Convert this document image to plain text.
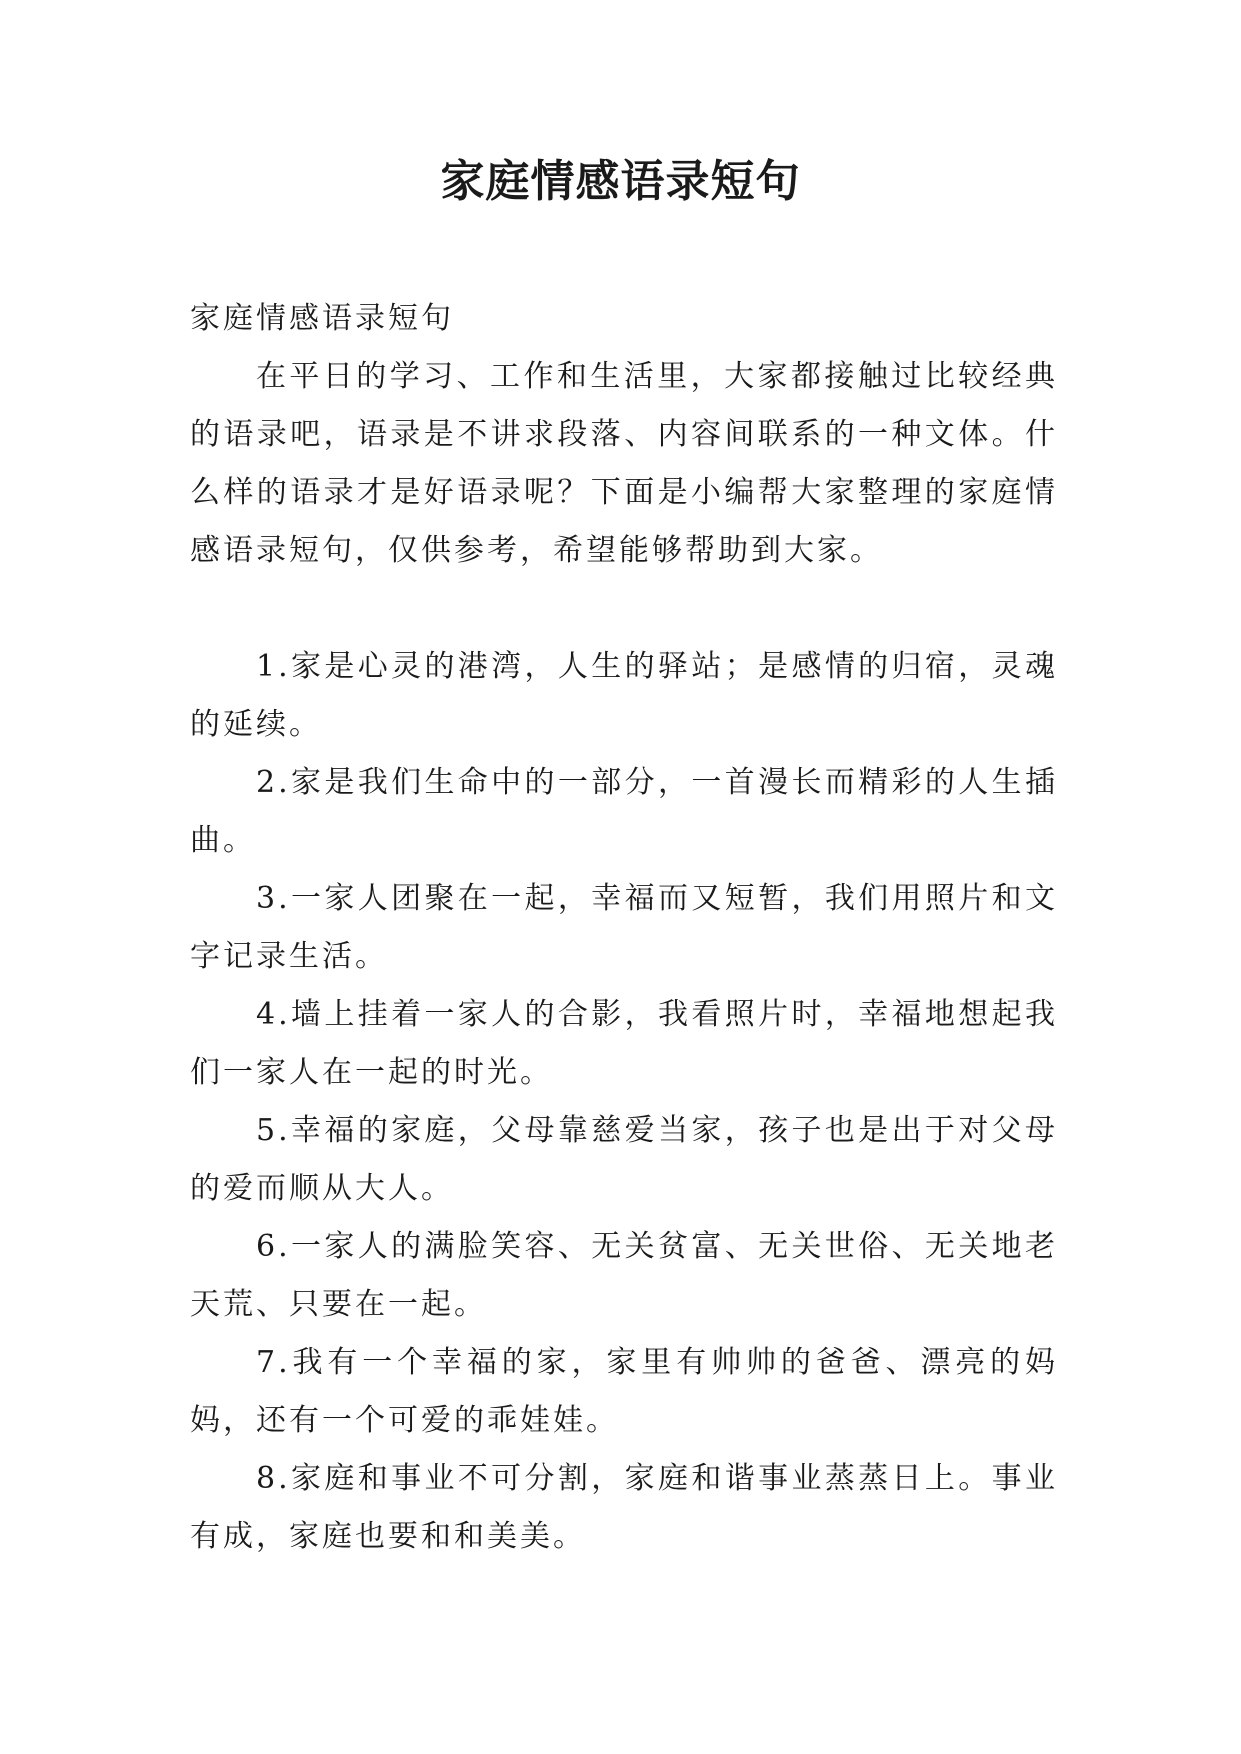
家庭情感语录短句

家庭情感语录短句

在平日的学习、工作和生活里，大家都接触过比较经典的语录吧，语录是不讲求段落、内容间联系的一种文体。什么样的语录才是好语录呢？下面是小编帮大家整理的家庭情感语录短句，仅供参考，希望能够帮助到大家。

1.家是心灵的港湾，人生的驿站；是感情的归宿，灵魂的延续。

2.家是我们生命中的一部分，一首漫长而精彩的人生插曲。

3.一家人团聚在一起，幸福而又短暂，我们用照片和文字记录生活。

4.墙上挂着一家人的合影，我看照片时，幸福地想起我们一家人在一起的时光。

5.幸福的家庭，父母靠慈爱当家，孩子也是出于对父母的爱而顺从大人。

6.一家人的满脸笑容、无关贫富、无关世俗、无关地老天荒、只要在一起。

7.我有一个幸福的家，家里有帅帅的爸爸、漂亮的妈妈，还有一个可爱的乖娃娃。

8.家庭和事业不可分割，家庭和谐事业蒸蒸日上。事业有成，家庭也要和和美美。
